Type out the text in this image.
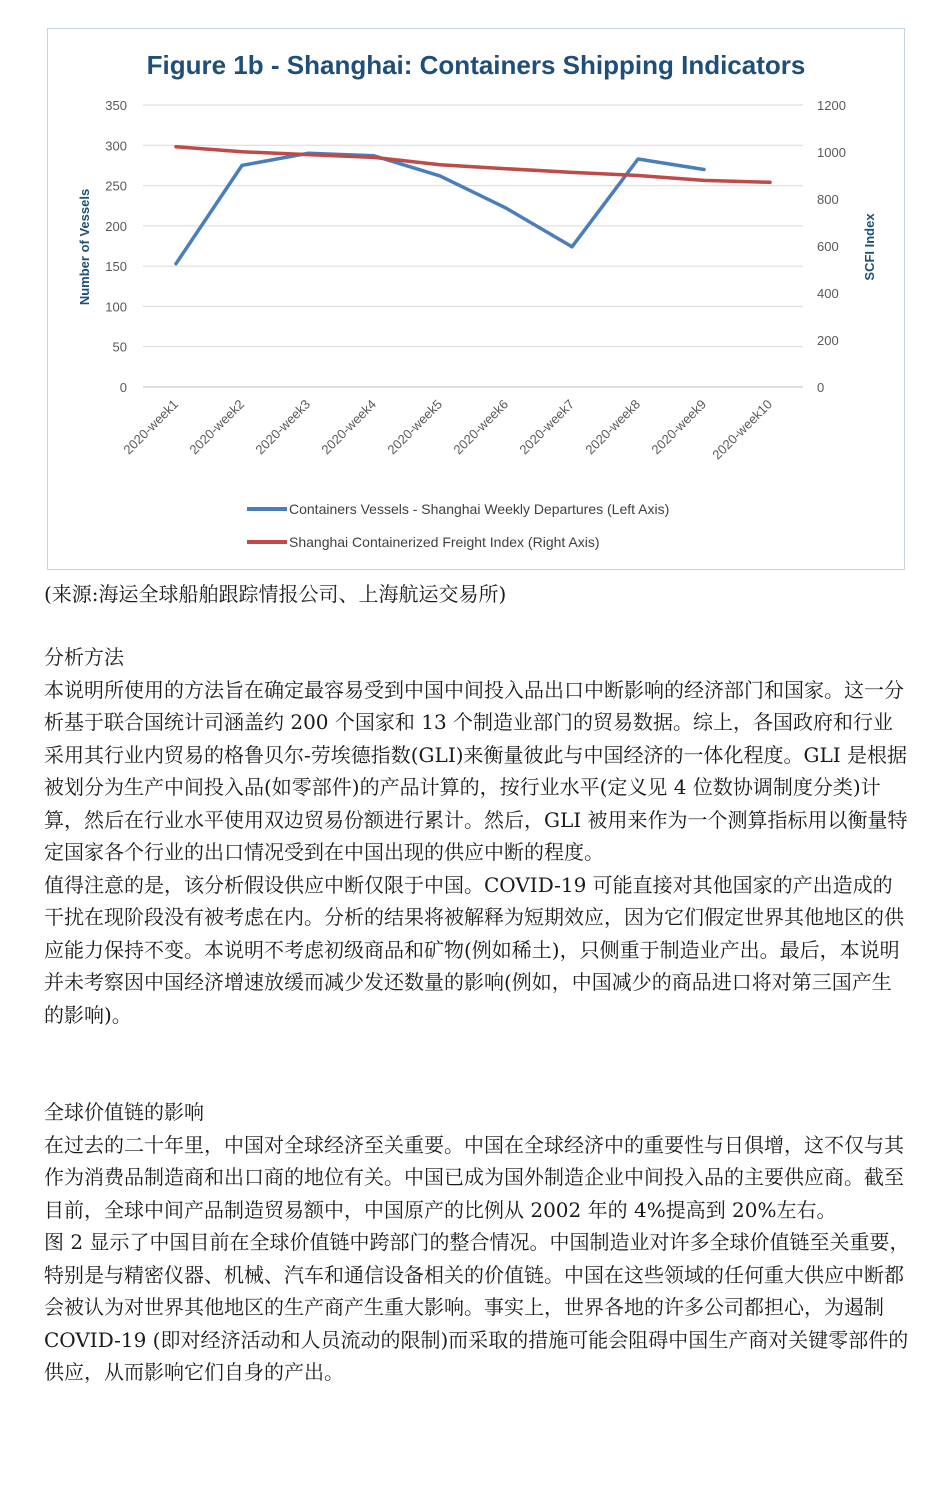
Figure 1b - Shanghai: Containers Shipping Indicators
Number of Vessels	SCFI Index
0
50
100
150
200
250
300
350
0
200
400
600
800
1000
1200
2020-week1 2020-week2 2020-week3 2020-week4 2020-week5 2020-week6 2020-week7 2020-week8 2020-week9 2020-week10
Containers Vessels - Shanghai Weekly Departures (Left Axis)
Shanghai Containerized Freight Index (Right Axis)
(来源:海运全球船舶跟踪情报公司、上海航运交易所)

分析方法

本说明所使用的方法旨在确定最容易受到中国中间投入品出口中断影响的经济部门和国家。这一分析基于联合国统计司涵盖约 200 个国家和 13 个制造业部门的贸易数据。综上，各国政府和行业采用其行业内贸易的格鲁贝尔-劳埃德指数(GLI)来衡量彼此与中国经济的一体化程度。GLI 是根据被划分为生产中间投入品(如零部件)的产品计算的，按行业水平(定义见 4 位数协调制度分类)计算，然后在行业水平使用双边贸易份额进行累计。然后，GLI 被用来作为一个测算指标用以衡量特定国家各个行业的出口情况受到在中国出现的供应中断的程度。

值得注意的是，该分析假设供应中断仅限于中国。COVID-19 可能直接对其他国家的产出造成的干扰在现阶段没有被考虑在内。分析的结果将被解释为短期效应，因为它们假定世界其他地区的供应能力保持不变。本说明不考虑初级商品和矿物(例如稀土)，只侧重于制造业产出。最后，本说明并未考察因中国经济增速放缓而减少发还数量的影响(例如，中国减少的商品进口将对第三国产生的影响)。

全球价值链的影响

在过去的二十年里，中国对全球经济至关重要。中国在全球经济中的重要性与日俱增，这不仅与其作为消费品制造商和出口商的地位有关。中国已成为国外制造企业中间投入品的主要供应商。截至目前，全球中间产品制造贸易额中，中国原产的比例从 2002 年的 4%提高到 20%左右。

图 2 显示了中国目前在全球价值链中跨部门的整合情况。中国制造业对许多全球价值链至关重要，特别是与精密仪器、机械、汽车和通信设备相关的价值链。中国在这些领域的任何重大供应中断都会被认为对世界其他地区的生产商产生重大影响。事实上，世界各地的许多公司都担心，为遏制 COVID-19 (即对经济活动和人员流动的限制)而采取的措施可能会阻碍中国生产商对关键零部件的供应，从而影响它们自身的产出。
